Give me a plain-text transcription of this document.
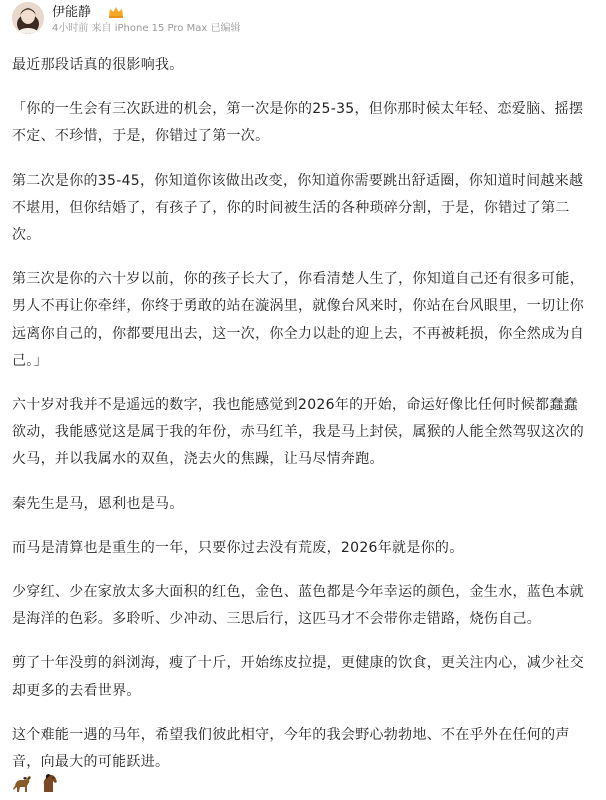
伊能静
4小时前 来自 iPhone 15 Pro Max 已编辑

最近那段话真的很影响我。

「你的一生会有三次跃进的机会，第一次是你的25-35，但你那时候太年轻、恋爱脑、摇摆不定、不珍惜，于是，你错过了第一次。

第二次是你的35-45，你知道你该做出改变，你知道你需要跳出舒适圈，你知道时间越来越不堪用，但你结婚了，有孩子了，你的时间被生活的各种琐碎分割，于是，你错过了第二次。

第三次是你的六十岁以前，你的孩子长大了，你看清楚人生了，你知道自己还有很多可能，男人不再让你牵绊，你终于勇敢的站在漩涡里，就像台风来时，你站在台风眼里，一切让你远离你自己的，你都要甩出去，这一次，你全力以赴的迎上去，不再被耗损，你全然成为自己。」

六十岁对我并不是遥远的数字，我也能感觉到2026年的开始，命运好像比任何时候都蠢蠢欲动，我能感觉这是属于我的年份，赤马红羊，我是马上封侯，属猴的人能全然驾驭这次的火马，并以我属水的双鱼，浇去火的焦躁，让马尽情奔跑。

秦先生是马，恩利也是马。

而马是清算也是重生的一年，只要你过去没有荒废，2026年就是你的。

少穿红、少在家放太多大面积的红色，金色、蓝色都是今年幸运的颜色，金生水，蓝色本就是海洋的色彩。多聆听、少冲动、三思后行，这匹马才不会带你走错路，烧伤自己。

剪了十年没剪的斜浏海，瘦了十斤，开始练皮拉提，更健康的饮食，更关注内心，减少社交却更多的去看世界。

这个难能一遇的马年，希望我们彼此相守，今年的我会野心勃勃地、不在乎外在任何的声音，向最大的可能跃进。
